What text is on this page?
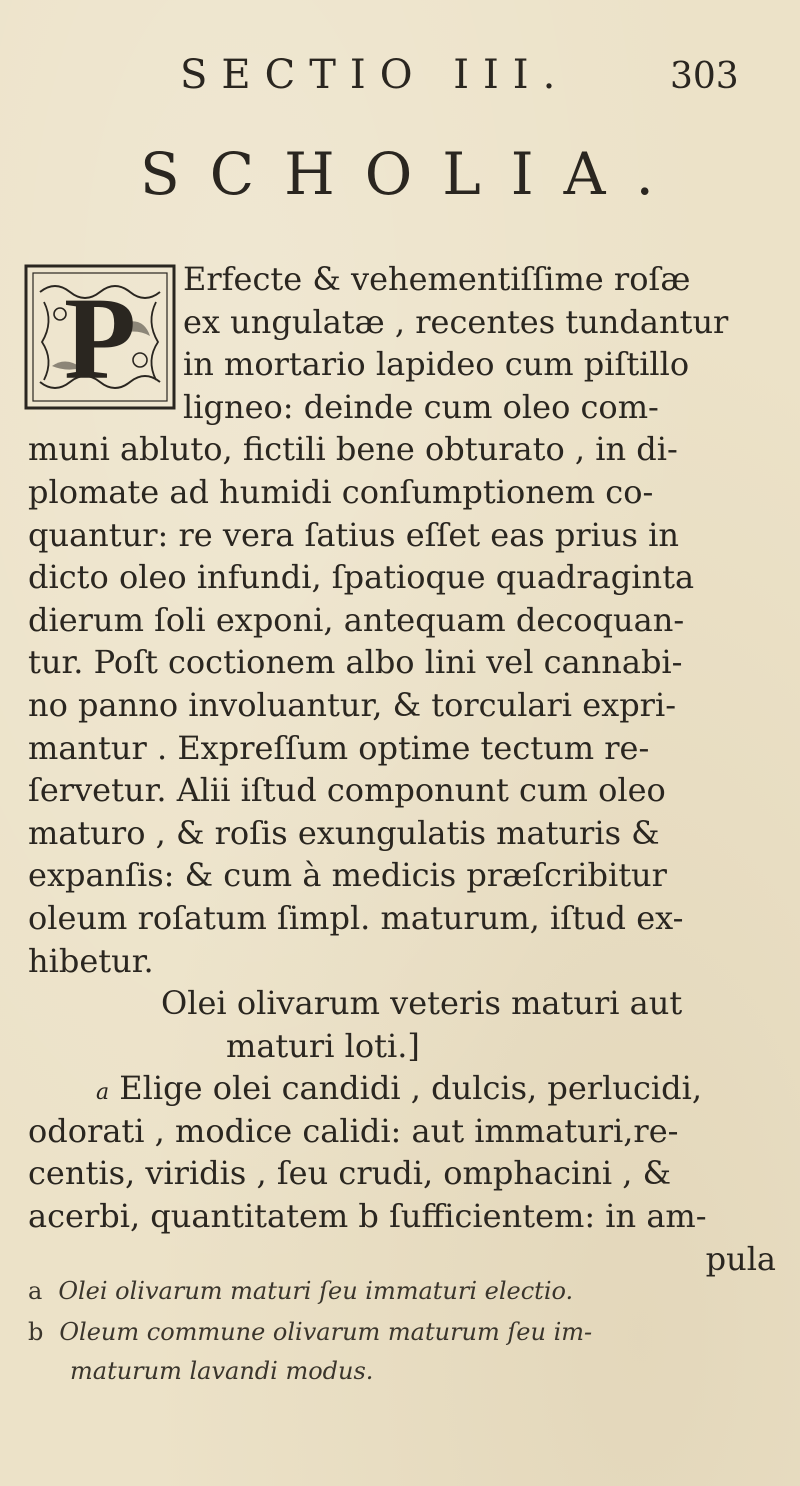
SECTIO III.	303
SCHOLIA.
P	Erfecte & vehementiſſime roſæ
ex ungulatæ , recentes tundantur
in mortario lapideo cum piſtillo
ligneo: deinde cum oleo com-
muni abluto, fictili bene obturato , in di-
plomate ad humidi conſumptionem co-
quantur: re vera ſatius eſſet eas prius in
dicto oleo infundi, ſpatioque quadraginta
dierum ſoli exponi, antequam decoquan-
tur. Poſt coctionem albo lini vel cannabi-
no panno involuantur, & torculari expri-
mantur . Expreſſum optime tectum re-
ſervetur. Alii iſtud componunt cum oleo
maturo , & roſis exungulatis maturis &
expanſis: & cum à medicis præſcribitur
oleum roſatum ſimpl. maturum, iſtud ex-
hibetur.
Olei olivarum veteris maturi aut
maturi loti.]
a Elige olei candidi , dulcis, perlucidi,
odorati , modice calidi: aut immaturi,re-
centis, viridis , ſeu crudi, omphacini , &
acerbi, quantitatem b ſufficientem: in am-
pula
a Olei olivarum maturi ſeu immaturi electio.
b Oleum commune olivarum maturum ſeu im-
maturum lavandi modus.
